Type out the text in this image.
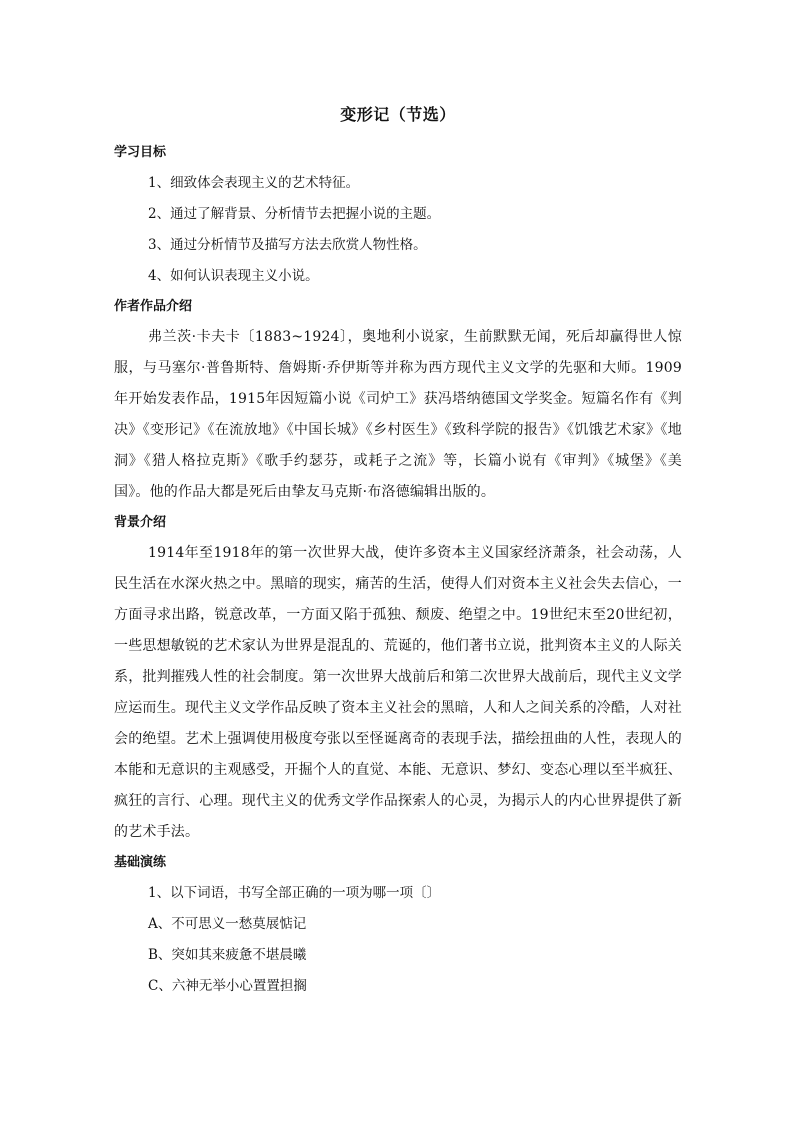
变形记（节选）
学习目标
1、细致体会表现主义的艺术特征。
2、通过了解背景、分析情节去把握小说的主题。
3、通过分析情节及描写方法去欣赏人物性格。
4、如何认识表现主义小说。
作者作品介绍

弗兰茨·卡夫卡〔1883~1924〕，奥地利小说家，生前默默无闻，死后却赢得世人惊服，与马塞尔·普鲁斯特、詹姆斯·乔伊斯等并称为西方现代主义文学的先驱和大师。1909年开始发表作品，1915年因短篇小说《司炉工》获冯塔纳德国文学奖金。短篇名作有《判决》《变形记》《在流放地》《中国长城》《乡村医生》《致科学院的报告》《饥饿艺术家》《地洞》《猎人格拉克斯》《歌手约瑟芬，或耗子之流》等，长篇小说有《审判》《城堡》《美国》。他的作品大都是死后由挚友马克斯·布洛德编辑出版的。

背景介绍

1914年至1918年的第一次世界大战，使许多资本主义国家经济萧条，社会动荡，人民生活在水深火热之中。黑暗的现实，痛苦的生活，使得人们对资本主义社会失去信心，一方面寻求出路，锐意改革，一方面又陷于孤独、颓废、绝望之中。19世纪末至20世纪初，一些思想敏锐的艺术家认为世界是混乱的、荒诞的，他们著书立说，批判资本主义的人际关系，批判摧残人性的社会制度。第一次世界大战前后和第二次世界大战前后，现代主义文学应运而生。现代主义文学作品反映了资本主义社会的黑暗，人和人之间关系的冷酷，人对社会的绝望。艺术上强调使用极度夸张以至怪诞离奇的表现手法，描绘扭曲的人性，表现人的本能和无意识的主观感受，开掘个人的直觉、本能、无意识、梦幻、变态心理以至半疯狂、疯狂的言行、心理。现代主义的优秀文学作品探索人的心灵，为揭示人的内心世界提供了新的艺术手法。

基础演练
1、以下词语，书写全部正确的一项为哪一项〔〕
A、不可思义一愁莫展惦记
B、突如其来疲惫不堪晨曦
C、六神无举小心置置担搁
